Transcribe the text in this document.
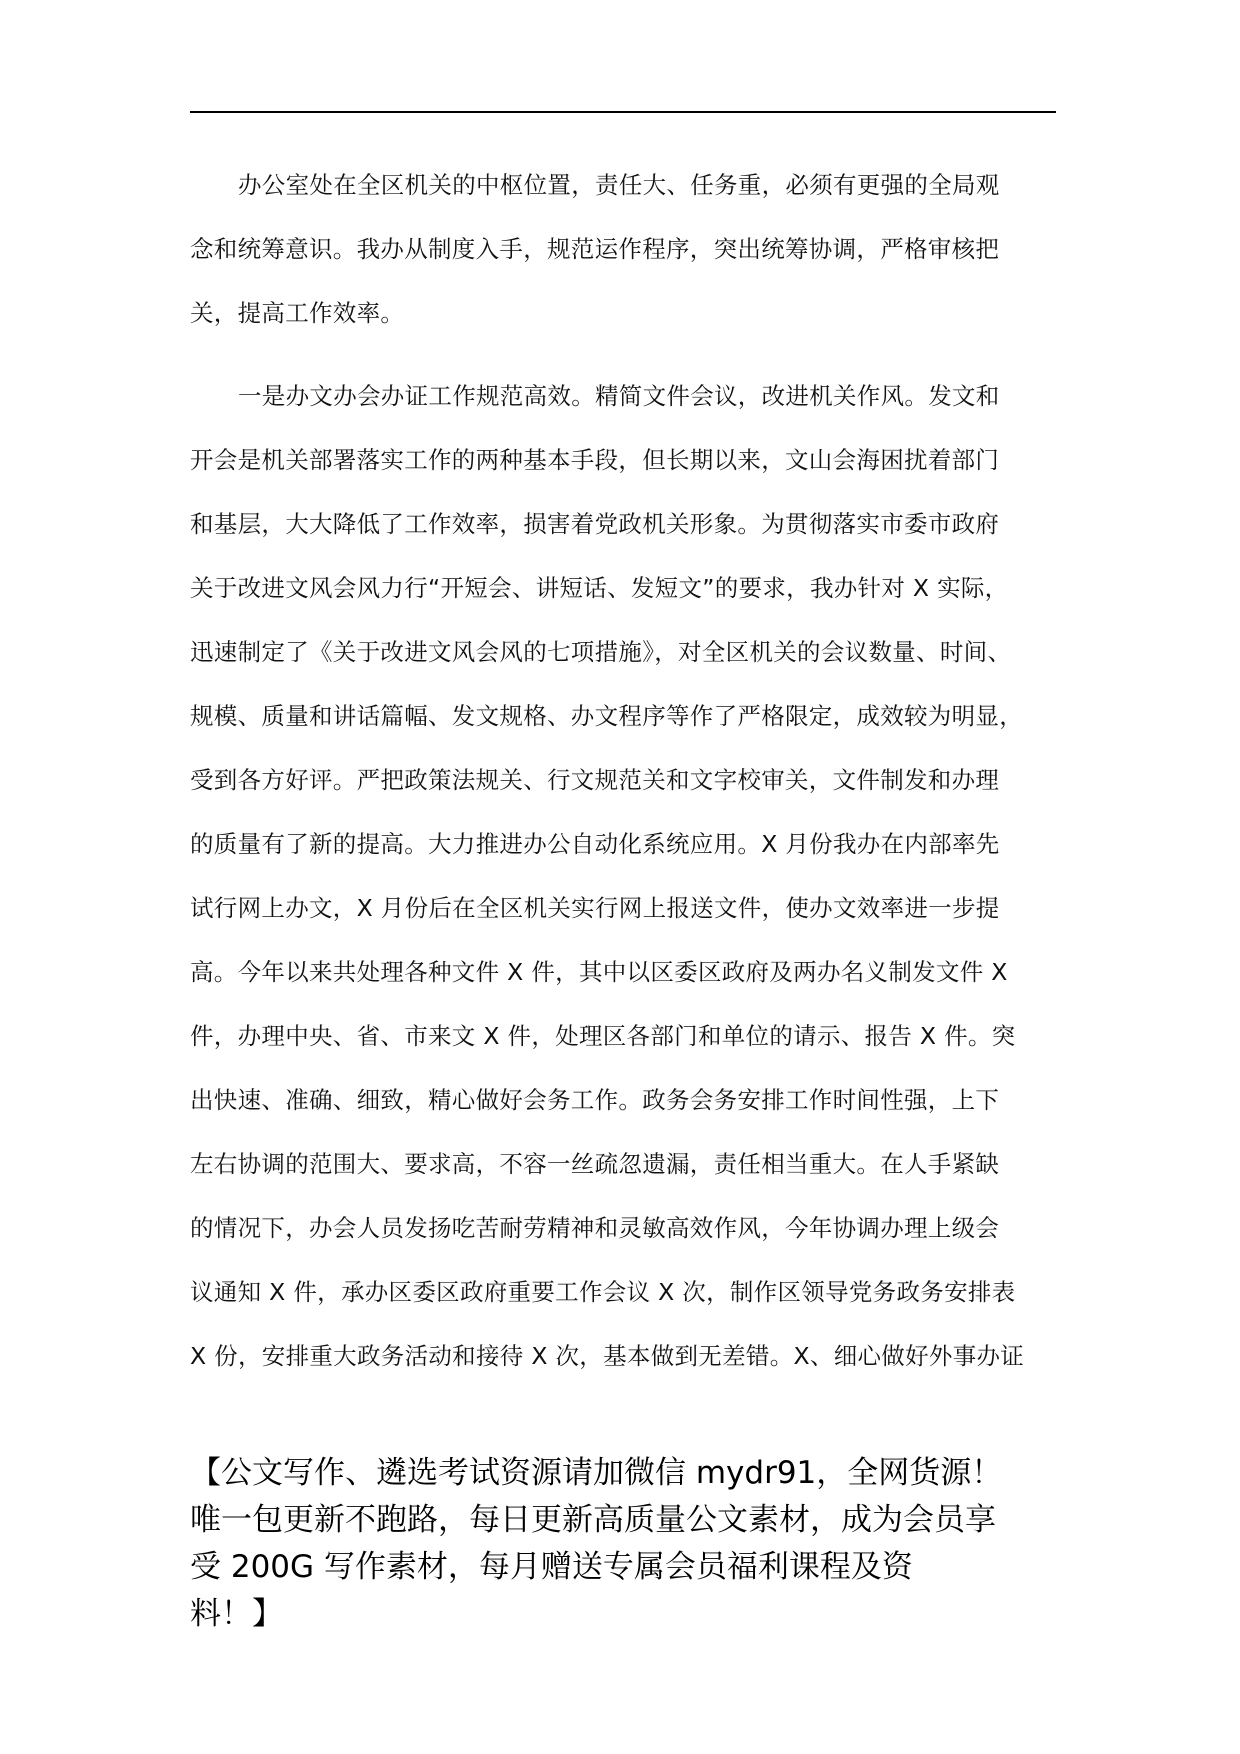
办公室处在全区机关的中枢位置，责任大、任务重，必须有更强的全局观
念和统筹意识。我办从制度入手，规范运作程序，突出统筹协调，严格审核把
关，提高工作效率。
一是办文办会办证工作规范高效。精简文件会议，改进机关作风。发文和
开会是机关部署落实工作的两种基本手段，但长期以来，文山会海困扰着部门
和基层，大大降低了工作效率，损害着党政机关形象。为贯彻落实市委市政府
关于改进文风会风力行“开短会、讲短话、发短文”的要求，我办针对 X 实际，
迅速制定了《关于改进文风会风的七项措施》，对全区机关的会议数量、时间、
规模、质量和讲话篇幅、发文规格、办文程序等作了严格限定，成效较为明显，
受到各方好评。严把政策法规关、行文规范关和文字校审关，文件制发和办理
的质量有了新的提高。大力推进办公自动化系统应用。X 月份我办在内部率先
试行网上办文，X 月份后在全区机关实行网上报送文件，使办文效率进一步提
高。今年以来共处理各种文件 X 件，其中以区委区政府及两办名义制发文件 X
件，办理中央、省、市来文 X 件，处理区各部门和单位的请示、报告 X 件。突
出快速、准确、细致，精心做好会务工作。政务会务安排工作时间性强，上下
左右协调的范围大、要求高，不容一丝疏忽遗漏，责任相当重大。在人手紧缺
的情况下，办会人员发扬吃苦耐劳精神和灵敏高效作风，今年协调办理上级会
议通知 X 件，承办区委区政府重要工作会议 X 次，制作区领导党务政务安排表
X 份，安排重大政务活动和接待 X 次，基本做到无差错。X、细心做好外事办证
【公文写作、遴选考试资源请加微信 mydr91，全网货源！
唯一包更新不跑路，每日更新高质量公文素材，成为会员享
受 200G 写作素材，每月赠送专属会员福利课程及资
料！】
